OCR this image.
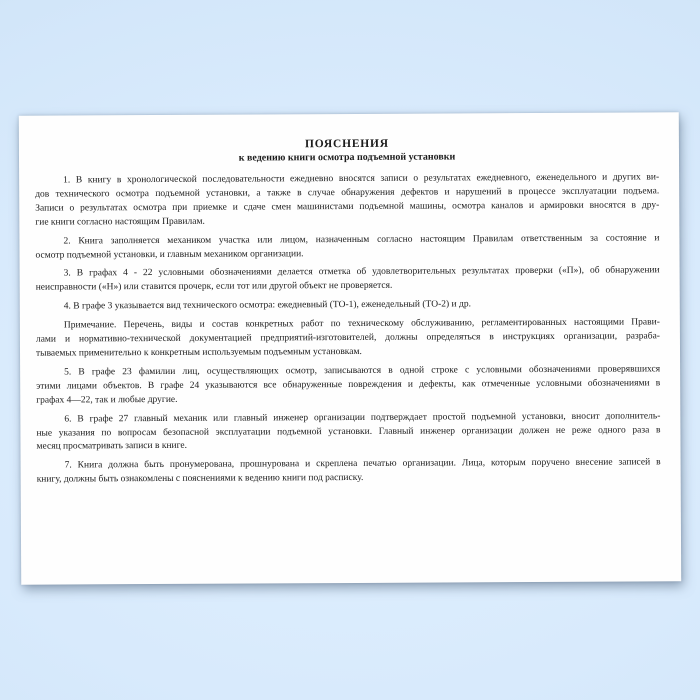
ПОЯСНЕНИЯ
к ведению книги осмотра подъемной установки

1. В книгу в хронологической последовательности ежедневно вносятся записи о результатах ежедневного, еженедельного и других ви-
дов технического осмотра подъемной установки, а также в случае обнаружения дефектов и нарушений в процессе эксплуатации подъема.
Записи о результатах осмотра при приемке и сдаче смен машинистами подъемной машины, осмотра каналов и армировки вносятся в дру-
гие книги согласно настоящим Правилам.

2. Книга заполняется механиком участка или лицом, назначенным согласно настоящим Правилам ответственным за состояние и
осмотр подъемной установки, и главным механиком организации.

3. В графах 4 - 22 условными обозначениями делается отметка об удовлетворительных результатах проверки («П»), об обнаружении
неисправности («Н») или ставится прочерк, если тот или другой объект не проверяется.

4. В графе 3 указывается вид технического осмотра: ежедневный (ТО-1), еженедельный (ТО-2) и др.

Примечание. Перечень, виды и состав конкретных работ по техническому обслуживанию, регламентированных настоящими Прави-
лами и нормативно-технической документацией предприятий-изготовителей, должны определяться в инструкциях организации, разраба-
тываемых применительно к конкретным используемым подъемным установкам.

5. В графе 23 фамилии лиц, осуществляющих осмотр, записываются в одной строке с условными обозначениями проверявшихся
этими лицами объектов. В графе 24 указываются все обнаруженные повреждения и дефекты, как отмеченные условными обозначениями в
графах 4—22, так и любые другие.

6. В графе 27 главный механик или главный инженер организации подтверждает простой подъемной установки, вносит дополнитель-
ные указания по вопросам безопасной эксплуатации подъемной установки. Главный инженер организации должен не реже одного раза в
месяц просматривать записи в книге.

7. Книга должна быть пронумерована, прошнурована и скреплена печатью организации. Лица, которым поручено внесение записей в
книгу, должны быть ознакомлены с пояснениями к ведению книги под расписку.
